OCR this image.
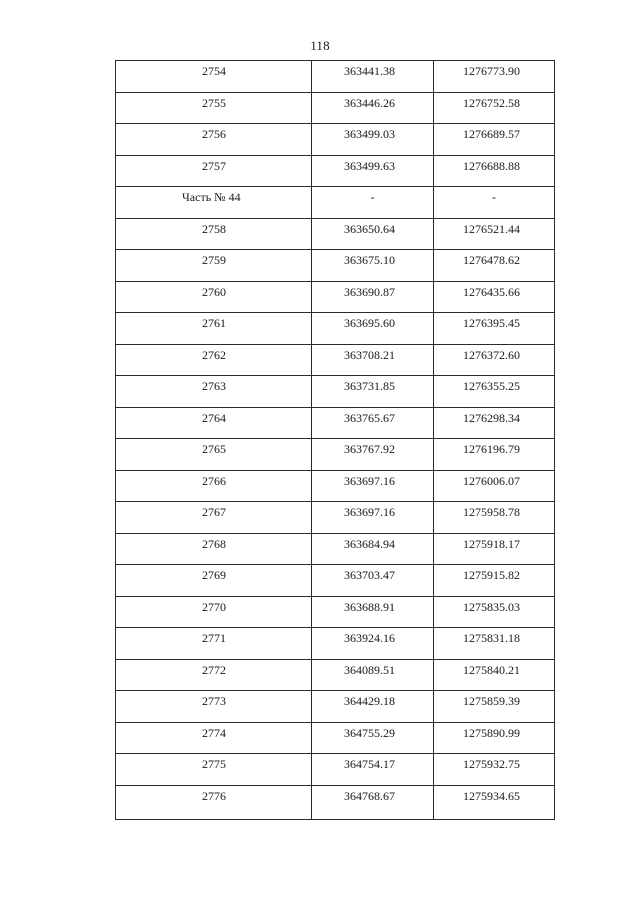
118
2754	363441.38	1276773.90

2755	363446.26	1276752.58

2756	363499.03	1276689.57

2757	363499.63	1276688.88

Часть № 44	-	-

2758	363650.64	1276521.44

2759	363675.10	1276478.62

2760	363690.87	1276435.66

2761	363695.60	1276395.45

2762	363708.21	1276372.60

2763	363731.85	1276355.25

2764	363765.67	1276298.34

2765	363767.92	1276196.79

2766	363697.16	1276006.07

2767	363697.16	1275958.78

2768	363684.94	1275918.17

2769	363703.47	1275915.82

2770	363688.91	1275835.03

2771	363924.16	1275831.18

2772	364089.51	1275840.21

2773	364429.18	1275859.39

2774	364755.29	1275890.99

2775	364754.17	1275932.75

2776	364768.67	1275934.65
